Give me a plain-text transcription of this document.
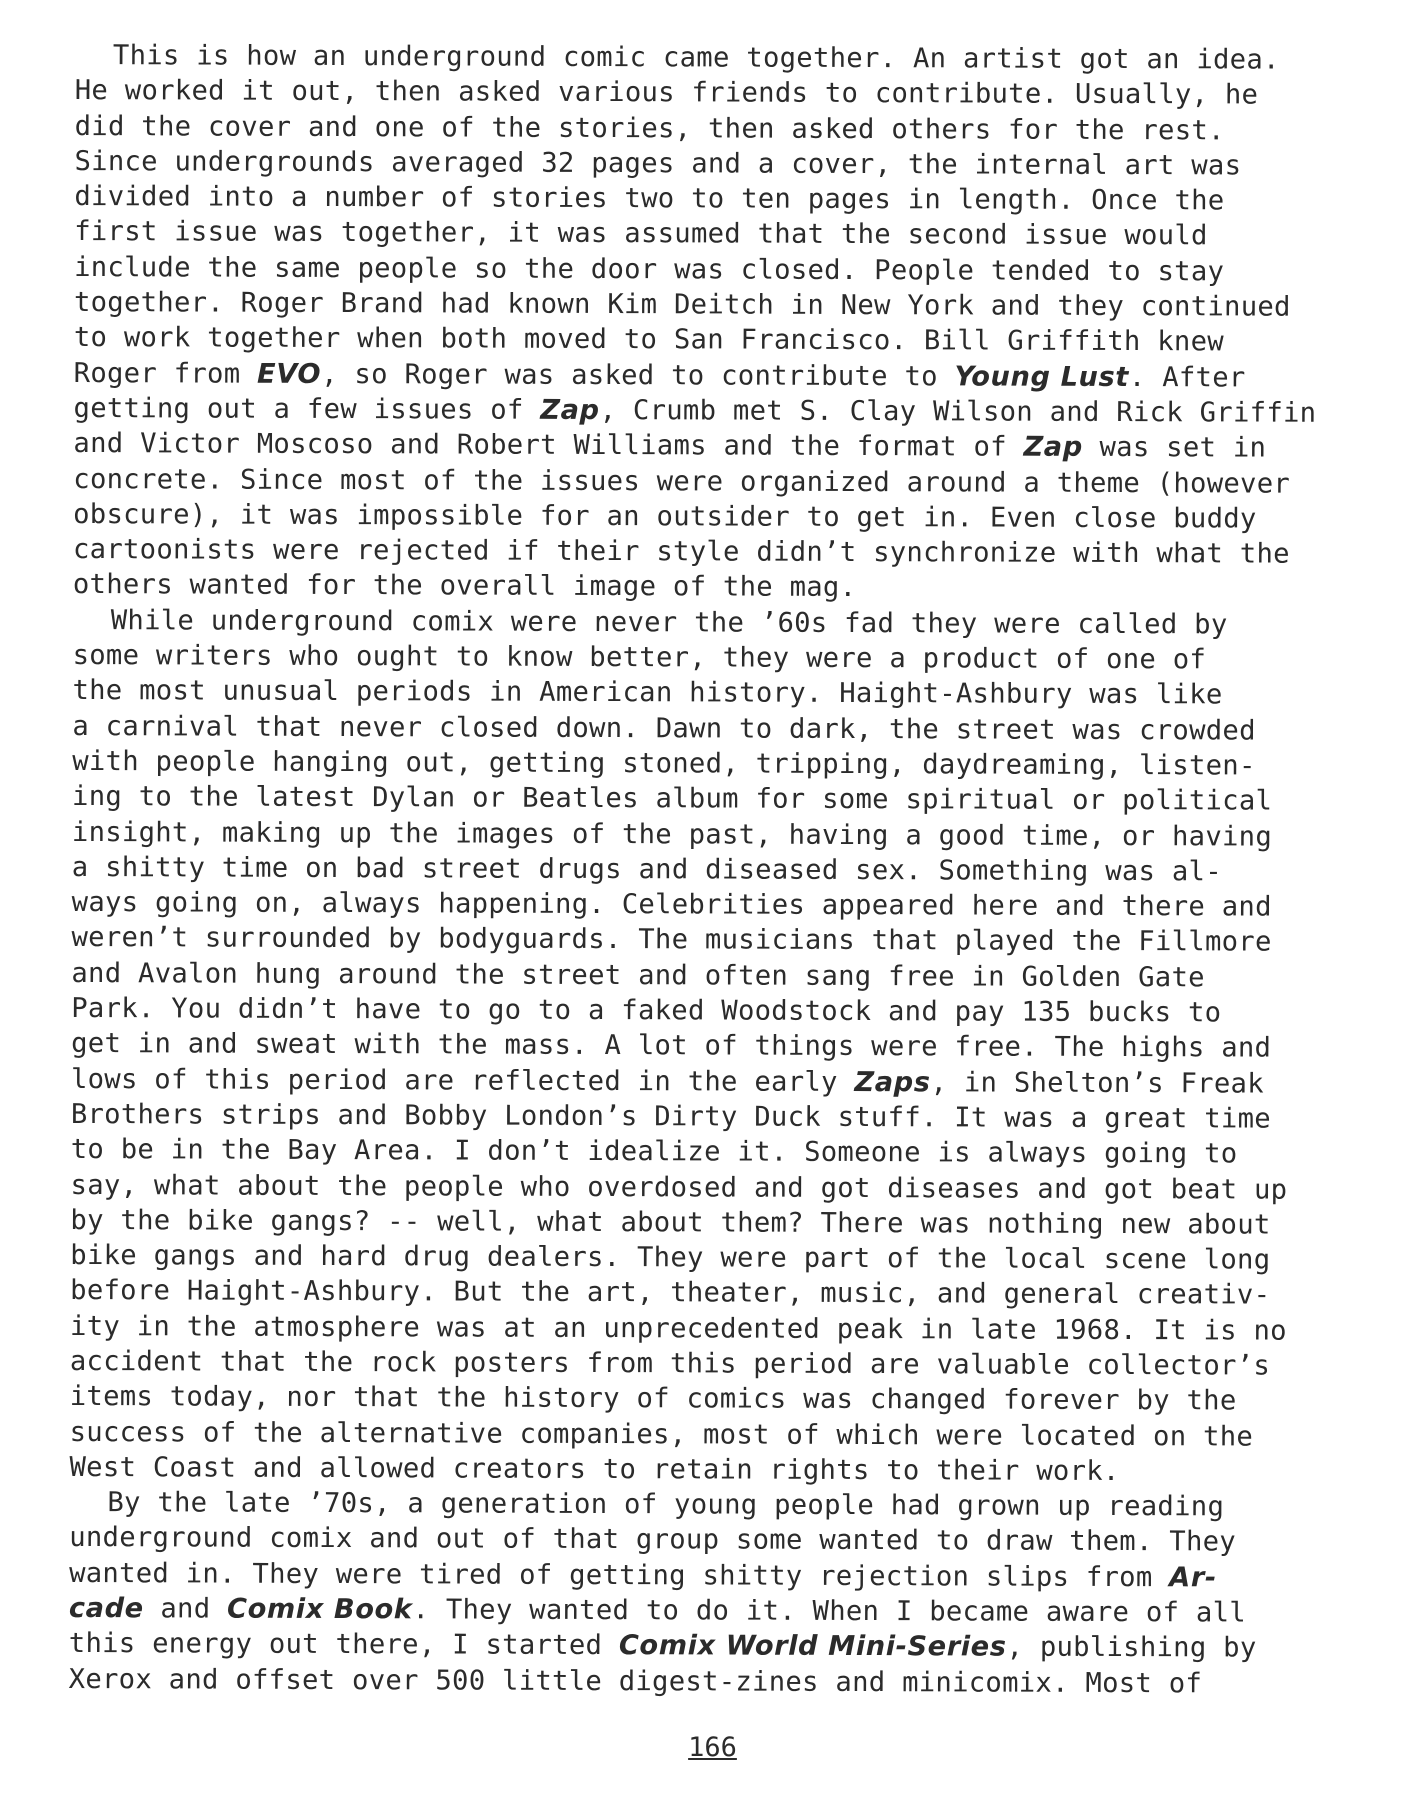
This is how an underground comic came together. An artist got an idea.
He worked it out, then asked various friends to contribute. Usually, he
did the cover and one of the stories, then asked others for the rest.
Since undergrounds averaged 32 pages and a cover, the internal art was
divided into a number of stories two to ten pages in length. Once the
first issue was together, it was assumed that the second issue would
include the same people so the door was closed. People tended to stay
together. Roger Brand had known Kim Deitch in New York and they continued
to work together when both moved to San Francisco. Bill Griffith knew
Roger from EVO, so Roger was asked to contribute to Young Lust. After
getting out a few issues of Zap, Crumb met S. Clay Wilson and Rick Griffin
and Victor Moscoso and Robert Williams and the format of Zap was set in
concrete. Since most of the issues were organized around a theme (however
obscure), it was impossible for an outsider to get in. Even close buddy
cartoonists were rejected if their style didn’t synchronize with what the
others wanted for the overall image of the mag.
While underground comix were never the ’60s fad they were called by
some writers who ought to know better, they were a product of one of
the most unusual periods in American history. Haight-Ashbury was like
a carnival that never closed down. Dawn to dark, the street was crowded
with people hanging out, getting stoned, tripping, daydreaming, listen-
ing to the latest Dylan or Beatles album for some spiritual or political
insight, making up the images of the past, having a good time, or having
a shitty time on bad street drugs and diseased sex. Something was al-
ways going on, always happening. Celebrities appeared here and there and
weren’t surrounded by bodyguards. The musicians that played the Fillmore
and Avalon hung around the street and often sang free in Golden Gate
Park. You didn’t have to go to a faked Woodstock and pay 135 bucks to
get in and sweat with the mass. A lot of things were free. The highs and
lows of this period are reflected in the early Zaps, in Shelton’s Freak
Brothers strips and Bobby London’s Dirty Duck stuff. It was a great time
to be in the Bay Area. I don’t idealize it. Someone is always going to
say, what about the people who overdosed and got diseases and got beat up
by the bike gangs? -- well, what about them? There was nothing new about
bike gangs and hard drug dealers. They were part of the local scene long
before Haight-Ashbury. But the art, theater, music, and general creativ-
ity in the atmosphere was at an unprecedented peak in late 1968. It is no
accident that the rock posters from this period are valuable collector’s
items today, nor that the history of comics was changed forever by the
success of the alternative companies, most of which were located on the
West Coast and allowed creators to retain rights to their work.
By the late ’70s, a generation of young people had grown up reading
underground comix and out of that group some wanted to draw them. They
wanted in. They were tired of getting shitty rejection slips from Ar-
cade and Comix Book. They wanted to do it. When I became aware of all
this energy out there, I started Comix World Mini-Series, publishing by
Xerox and offset over 500 little digest-zines and minicomix. Most of
166
